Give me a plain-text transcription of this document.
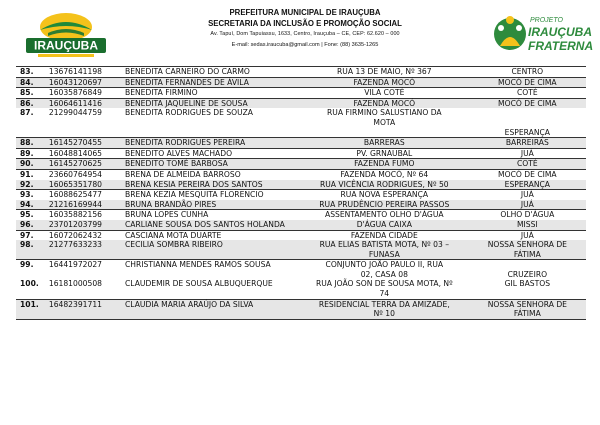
IRAUÇUBA
PREFEITURA MUNICIPAL DE IRAUÇUBA
SECRETARIA DA INCLUSÃO E PROMOÇÃO SOCIAL
Av. Tapuí, Dom Tapuiassu, 1633, Centro, Irauçuba – CE, CEP: 62.620 – 000
E-mail: sedas.iraucuba@gmail.com | Fone: (88) 3635-1265
PROJETO
IRAUÇUBA
FRATERNA
83.	13676141198	BENEDITA CARNEIRO DO CARMO	RUA 13 DE MAIO, Nº 367	CENTRO

84.	16043120697	BENEDITA FERNANDES DE ÁVILA	FAZENDA MOCÓ	MOCÓ DE CIMA

85.	16035876849	BENEDITA FIRMINO	VILA COTÉ	COTÉ

86.	16064611416	BENEDITA JAQUELINE DE SOUSA	FAZENDA MOCÓ	MOCÓ DE CIMA

87.	21299044759	BENEDITA RODRIGUES DE SOUZA	RUA FIRMINO SALUSTIANO DA
MOTA	ESPERANÇA

88.	16145270455	BENEDITA RODRIGUES PEREIRA	BARRERAS	BARREIRAS

89.	16048814065	BENEDITO ALVES MACHADO	PV. GRNAUBAL	JUÁ

90.	16145270625	BENEDITO TOMÉ BARBOSA	FAZENDA FUMO	COTÉ

91.	23660764954	BRENA DE ALMEIDA BARROSO	FAZENDA MOCÓ, Nº 64	MOCÓ DE CIMA

92.	16065351780	BRENA KESIA PEREIRA DOS SANTOS	RUA VICÊNCIA RODRIGUES, Nº 50	ESPERANÇA

93.	16088625477	BRENA KEZIA MESQUITA FLORENCIO	RUA NOVA ESPERANÇA	JUÁ

94.	21216169944	BRUNA BRANDÃO PIRES	RUA PRUDÊNCIO PEREIRA PASSOS	JUÁ

95.	16035882156	BRUNA LOPES CUNHA	ASSENTAMENTO OLHO D'ÁGUA	OLHO D'ÁGUA

96.	23701203799	CARLIANE SOUSA DOS SANTOS HOLANDA	D'ÁGUA CAIXA	MISSI

97.	16072062432	CASCIANA MOTA DUARTE	FAZENDA CIDADE	JUÁ

98.	21277633233	CECILIA SOMBRA RIBEIRO	RUA ELIAS BATISTA MOTA, Nº 03 –
FUNASA	NOSSA SENHORA DE
FÁTIMA

99.	16441972027	CHRISTIANNA MENDES RAMOS SOUSA	CONJUNTO JOÃO PAULO II, RUA
02, CASA 08	CRUZEIRO

100.	16181000508	CLAUDEMIR DE SOUSA ALBUQUERQUE	RUA JOÃO SON DE SOUSA MOTA, Nº
74	GIL BASTOS

101.	16482391711	CLAUDIA MARIA ARAÚJO DA SILVA	RESIDENCIAL TERRA DA AMIZADE,
Nº 10	NOSSA SENHORA DE
FÁTIMA
